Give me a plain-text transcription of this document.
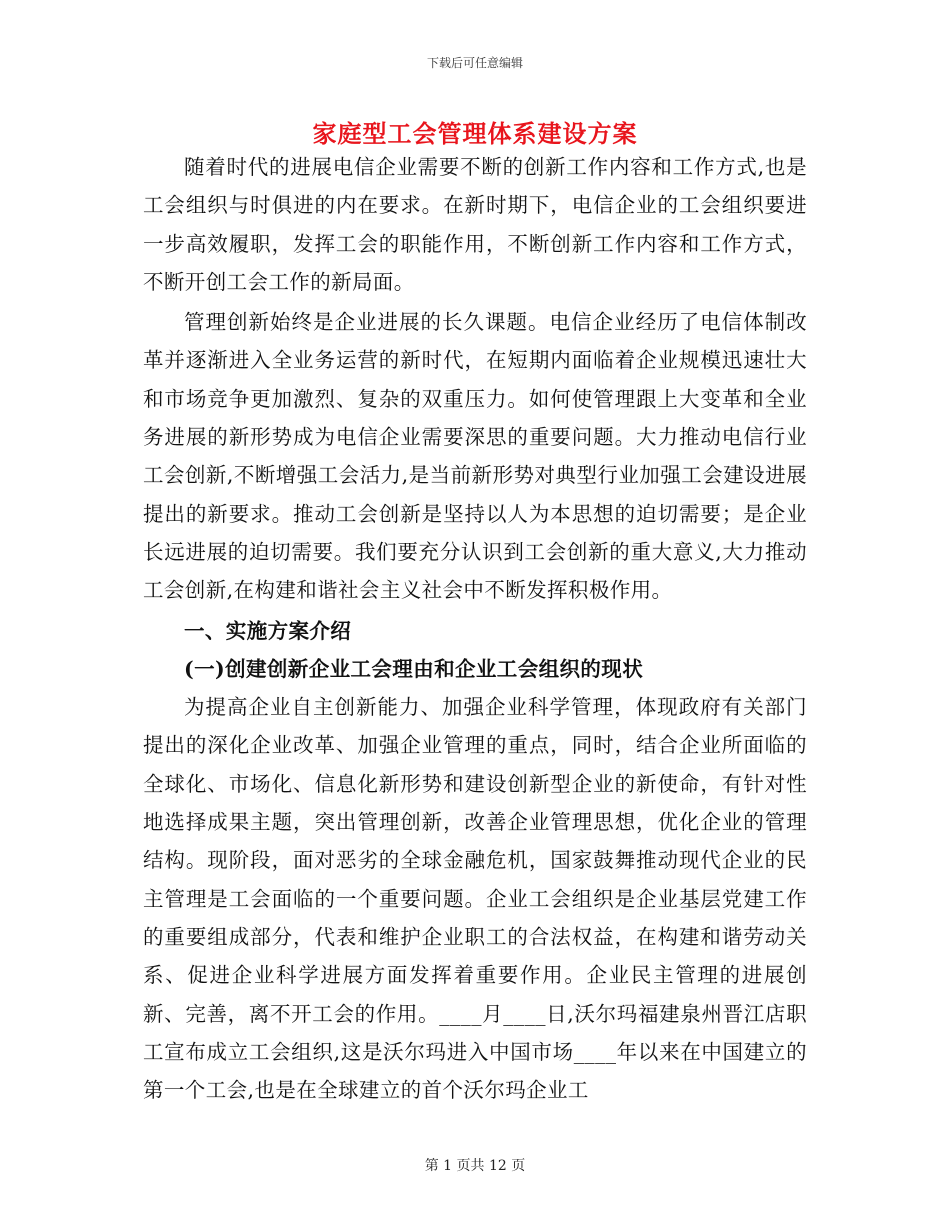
下载后可任意编辑
家庭型工会管理体系建设方案

随着时代的进展电信企业需要不断的创新工作内容和工作方式,也是工会组织与时俱进的内在要求。在新时期下，电信企业的工会组织要进一步高效履职，发挥工会的职能作用，不断创新工作内容和工作方式，不断开创工会工作的新局面。

管理创新始终是企业进展的长久课题。电信企业经历了电信体制改革并逐渐进入全业务运营的新时代，在短期内面临着企业规模迅速壮大和市场竞争更加激烈、复杂的双重压力。如何使管理跟上大变革和全业务进展的新形势成为电信企业需要深思的重要问题。大力推动电信行业工会创新,不断增强工会活力,是当前新形势对典型行业加强工会建设进展提出的新要求。推动工会创新是坚持以人为本思想的迫切需要；是企业长远进展的迫切需要。我们要充分认识到工会创新的重大意义,大力推动工会创新,在构建和谐社会主义社会中不断发挥积极作用。

一、实施方案介绍
(一)创建创新企业工会理由和企业工会组织的现状

为提高企业自主创新能力、加强企业科学管理，体现政府有关部门提出的深化企业改革、加强企业管理的重点，同时，结合企业所面临的全球化、市场化、信息化新形势和建设创新型企业的新使命，有针对性地选择成果主题，突出管理创新，改善企业管理思想，优化企业的管理结构。现阶段，面对恶劣的全球金融危机，国家鼓舞推动现代企业的民主管理是工会面临的一个重要问题。企业工会组织是企业基层党建工作的重要组成部分，代表和维护企业职工的合法权益，在构建和谐劳动关系、促进企业科学进展方面发挥着重要作用。企业民主管理的进展创新、完善，离不开工会的作用。____月____日,沃尔玛福建泉州晋江店职工宣布成立工会组织,这是沃尔玛进入中国市场____年以来在中国建立的第一个工会,也是在全球建立的首个沃尔玛企业工

第 1 页共 12 页
